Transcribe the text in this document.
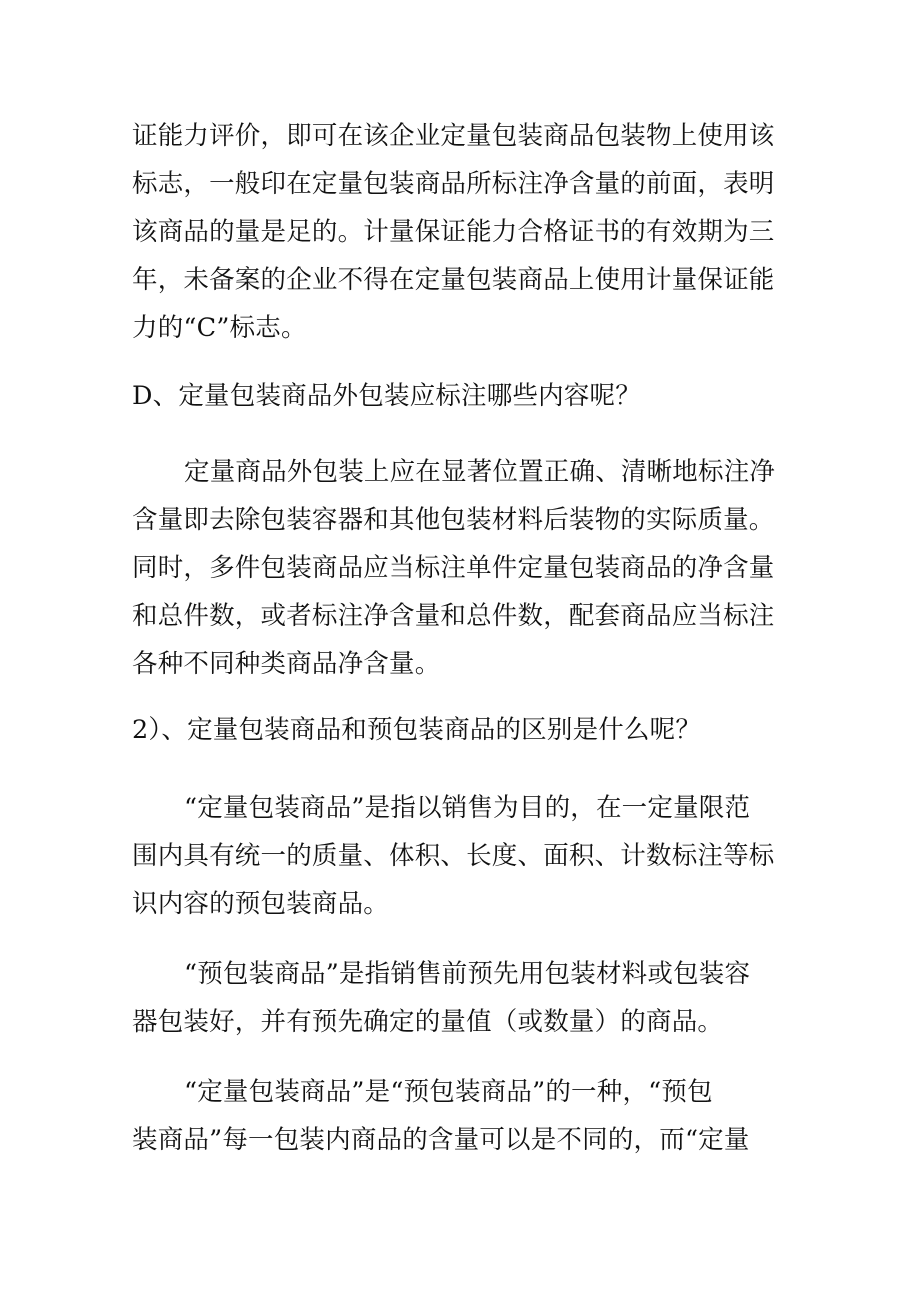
证能力评价，即可在该企业定量包装商品包装物上使用该
标志，一般印在定量包装商品所标注净含量的前面，表明
该商品的量是足的。计量保证能力合格证书的有效期为三
年，未备案的企业不得在定量包装商品上使用计量保证能
力的“C”标志。

D、定量包装商品外包装应标注哪些内容呢？

定量商品外包装上应在显著位置正确、清晰地标注净
含量即去除包装容器和其他包装材料后装物的实际质量。
同时，多件包装商品应当标注单件定量包装商品的净含量
和总件数，或者标注净含量和总件数，配套商品应当标注
各种不同种类商品净含量。

2）、定量包装商品和预包装商品的区别是什么呢？

“定量包装商品”是指以销售为目的，在一定量限范
围内具有统一的质量、体积、长度、面积、计数标注等标
识内容的预包装商品。

“预包装商品”是指销售前预先用包装材料或包装容
器包装好，并有预先确定的量值（或数量）的商品。

“定量包装商品”是“预包装商品”的一种，“预包
装商品”每一包装内商品的含量可以是不同的，而“定量
